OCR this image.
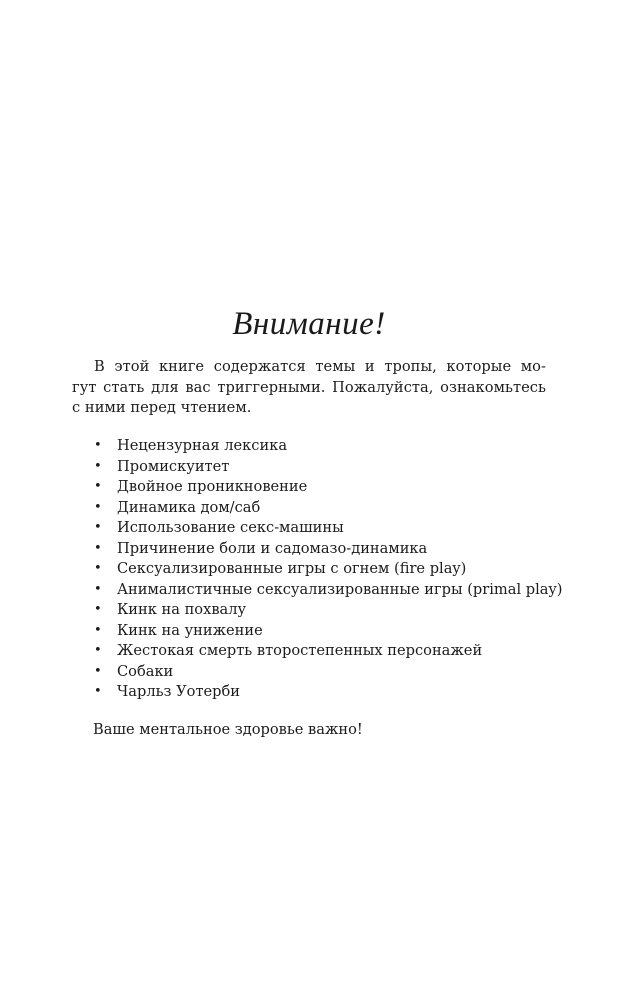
Внимание!

В этой книге содержатся темы и тропы, которые мо-
гут стать для вас триггерными. Пожалуйста, ознакомьтесь
с ними перед чтением.

• Нецензурная лексика
• Промискуитет
• Двойное проникновение
• Динамика дом/саб
• Использование секс-машины
• Причинение боли и садомазо-динамика
• Сексуализированные игры с огнем (fire play)
• Анималистичные сексуализированные игры (primal play)
• Кинк на похвалу
• Кинк на унижение
• Жестокая смерть второстепенных персонажей
• Собаки
• Чарльз Уотерби

Ваше ментальное здоровье важно!
